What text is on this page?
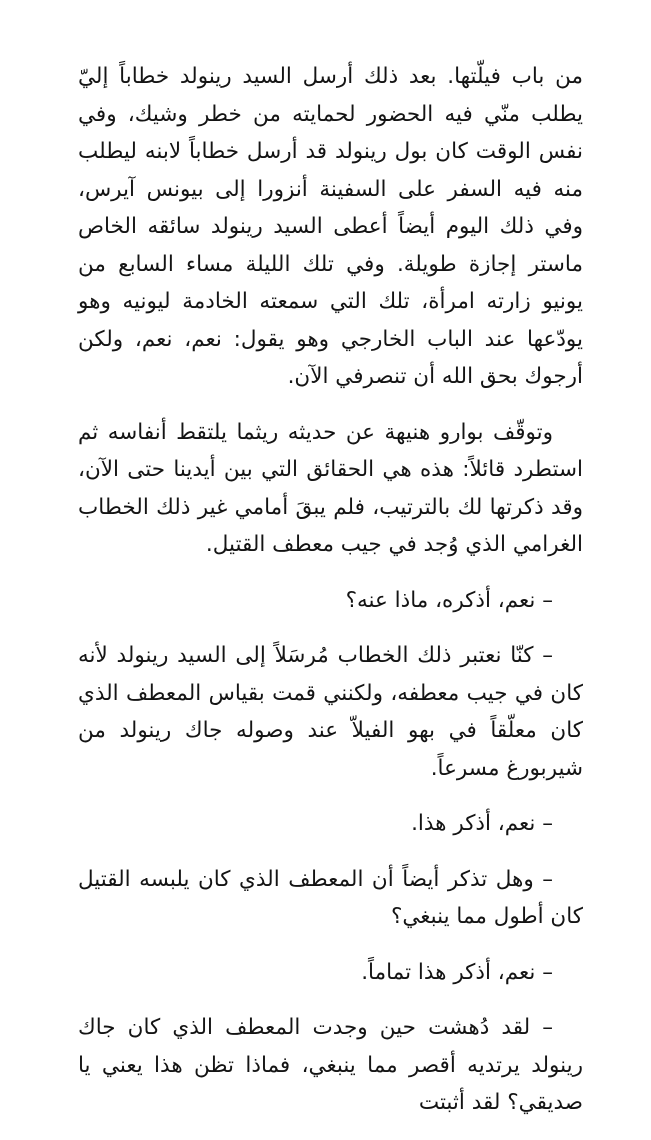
من باب فيلّتها. بعد ذلك أرسل السيد رينولد خطاباً إليّ يطلب منّي فيه الحضور لحمايته من خطر وشيك، وفي نفس الوقت كان بول رينولد قد أرسل خطاباً لابنه ليطلب منه فيه السفر على السفينة أنزورا إلى بيونس آيرس، وفي ذلك اليوم أيضاً أعطى السيد رينولد سائقه الخاص ماستر إجازة طويلة. وفي تلك الليلة مساء السابع من يونيو زارته امرأة، تلك التي سمعته الخادمة ليونيه وهو يودّعها عند الباب الخارجي وهو يقول: نعم، نعم، ولكن أرجوك بحق الله أن تنصرفي الآن.

وتوقّف بوارو هنيهة عن حديثه ريثما يلتقط أنفاسه ثم استطرد قائلاً: هذه هي الحقائق التي بين أيدينا حتى الآن، وقد ذكرتها لك بالترتيب، فلم يبقَ أمامي غير ذلك الخطاب الغرامي الذي وُجد في جيب معطف القتيل.

– نعم، أذكره، ماذا عنه؟

– كنّا نعتبر ذلك الخطاب مُرسَلاً إلى السيد رينولد لأنه كان في جيب معطفه، ولكنني قمت بقياس المعطف الذي كان معلّقاً في بهو الفيلاّ عند وصوله جاك رينولد من شيربورغ مسرعاً.

– نعم، أذكر هذا.

– وهل تذكر أيضاً أن المعطف الذي كان يلبسه القتيل كان أطول مما ينبغي؟

– نعم، أذكر هذا تماماً.

– لقد دُهشت حين وجدت المعطف الذي كان جاك رينولد يرتديه أقصر مما ينبغي، فماذا تظن هذا يعني يا صديقي؟ لقد أثبتت
